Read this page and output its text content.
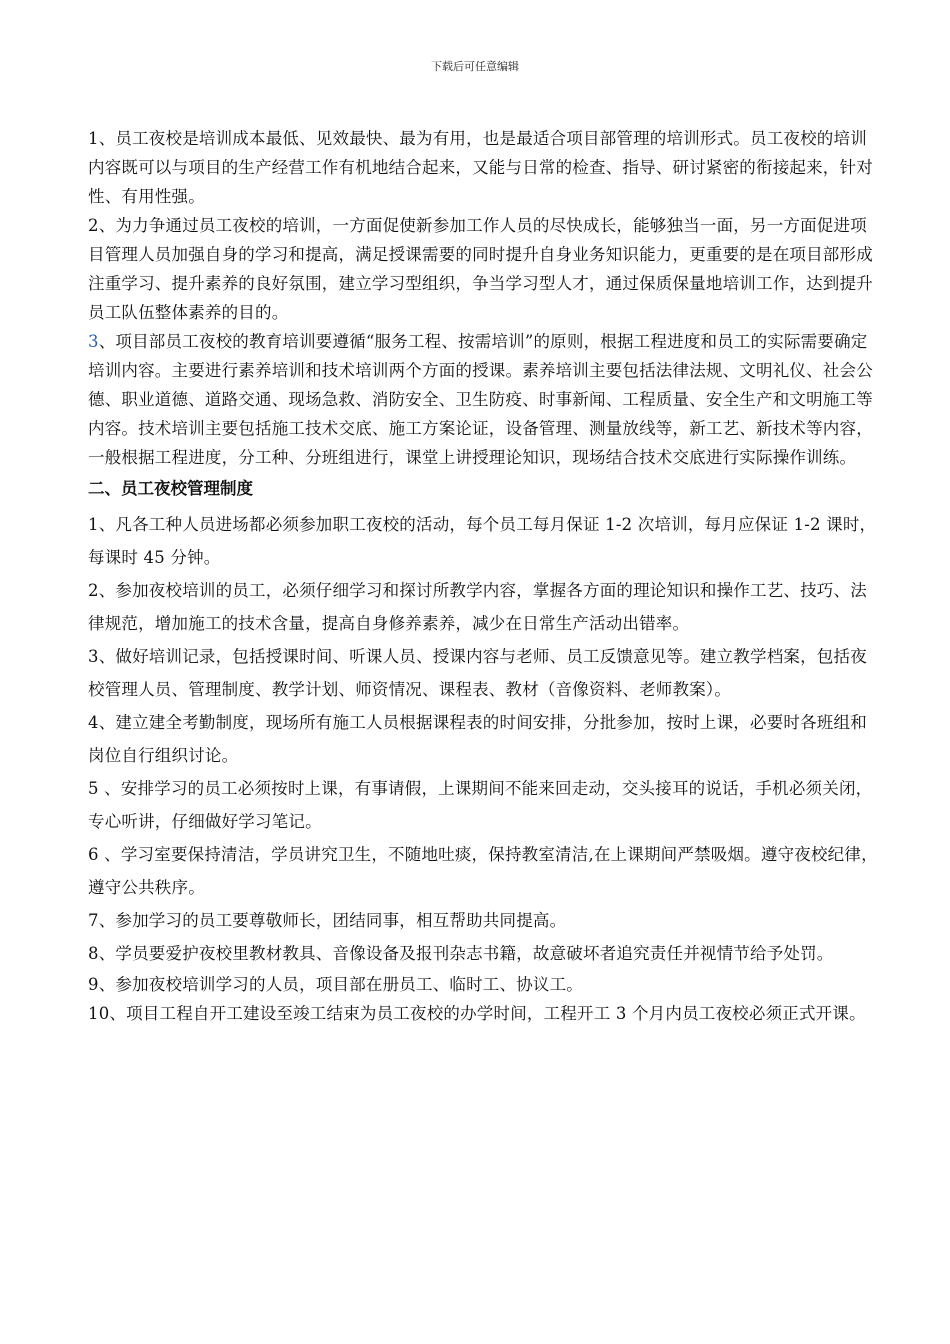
下载后可任意编辑

1、员工夜校是培训成本最低、见效最快、最为有用，也是最适合项目部管理的培训形式。员工夜校的培训内容既可以与项目的生产经营工作有机地结合起来，又能与日常的检查、指导、研讨紧密的衔接起来，针对性、有用性强。

2、为力争通过员工夜校的培训，一方面促使新参加工作人员的尽快成长，能够独当一面，另一方面促进项目管理人员加强自身的学习和提高，满足授课需要的同时提升自身业务知识能力，更重要的是在项目部形成注重学习、提升素养的良好氛围，建立学习型组织，争当学习型人才，通过保质保量地培训工作，达到提升员工队伍整体素养的目的。

3、项目部员工夜校的教育培训要遵循“服务工程、按需培训”的原则，根据工程进度和员工的实际需要确定培训内容。主要进行素养培训和技术培训两个方面的授课。素养培训主要包括法律法规、文明礼仪、社会公德、职业道德、道路交通、现场急救、消防安全、卫生防疫、时事新闻、工程质量、安全生产和文明施工等内容。技术培训主要包括施工技术交底、施工方案论证，设备管理、测量放线等，新工艺、新技术等内容，一般根据工程进度，分工种、分班组进行，课堂上讲授理论知识，现场结合技术交底进行实际操作训练。

二、员工夜校管理制度

1、凡各工种人员进场都必须参加职工夜校的活动，每个员工每月保证 1-2 次培训，每月应保证 1-2 课时，每课时 45 分钟。

2、参加夜校培训的员工，必须仔细学习和探讨所教学内容，掌握各方面的理论知识和操作工艺、技巧、法律规范，增加施工的技术含量，提高自身修养素养，减少在日常生产活动出错率。

3、做好培训记录，包括授课时间、听课人员、授课内容与老师、员工反馈意见等。建立教学档案，包括夜校管理人员、管理制度、教学计划、师资情况、课程表、教材（音像资料、老师教案）。

4、建立建全考勤制度，现场所有施工人员根据课程表的时间安排，分批参加，按时上课，必要时各班组和岗位自行组织讨论。

5 、安排学习的员工必须按时上课，有事请假，上课期间不能来回走动，交头接耳的说话，手机必须关闭，专心听讲，仔细做好学习笔记。

6 、学习室要保持清洁，学员讲究卫生，不随地吐痰，保持教室清洁,在上课期间严禁吸烟。遵守夜校纪律，遵守公共秩序。

7、参加学习的员工要尊敬师长，团结同事，相互帮助共同提高。

8、学员要爱护夜校里教材教具、音像设备及报刊杂志书籍，故意破坏者追究责任并视情节给予处罚。

9、参加夜校培训学习的人员，项目部在册员工、临时工、协议工。

10、项目工程自开工建设至竣工结束为员工夜校的办学时间，工程开工 3 个月内员工夜校必须正式开课。
